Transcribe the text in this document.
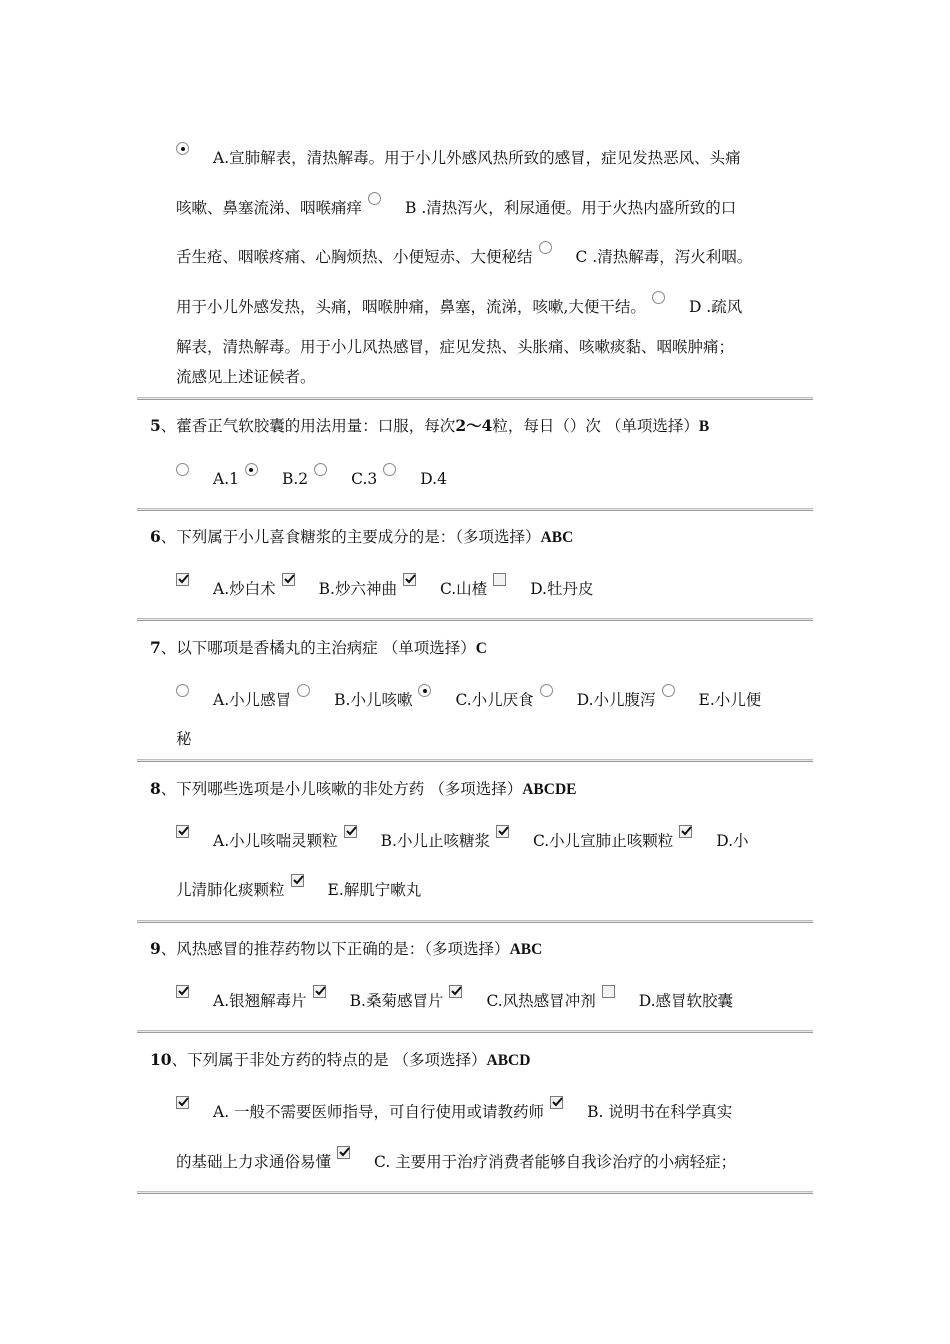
A.宣肺解表，清热解毒。用于小儿外感风热所致的感冒，症见发热恶风、头痛
咳嗽、鼻塞流涕、咽喉痛痒	B .清热泻火，利尿通便。用于火热内盛所致的口
舌生疮、咽喉疼痛、心胸烦热、小便短赤、大便秘结	C .清热解毒，泻火利咽。
用于小儿外感发热，头痛，咽喉肿痛，鼻塞，流涕，咳嗽,大便干结。	D .疏风
解表，清热解毒。用于小儿风热感冒，症见发热、头胀痛、咳嗽痰黏、咽喉肿痛；
流感见上述证候者。
5、藿香正气软胶囊的用法用量：口服，每次2～4粒，每日（）次 （单项选择）B
A.1	B.2	C.3	D.4
6、下列属于小儿喜食糖浆的主要成分的是：（多项选择）ABC
A.炒白术	B.炒六神曲	C.山楂	D.牡丹皮
7、以下哪项是香橘丸的主治病症 （单项选择）C
A.小儿感冒	B.小儿咳嗽	C.小儿厌食	D.小儿腹泻	E.小儿便
秘
8、下列哪些选项是小儿咳嗽的非处方药 （多项选择）ABCDE
A.小儿咳喘灵颗粒	B.小儿止咳糖浆	C.小儿宣肺止咳颗粒	D.小
儿清肺化痰颗粒	E.解肌宁嗽丸
9、风热感冒的推荐药物以下正确的是：（多项选择）ABC
A.银翘解毒片	B.桑菊感冒片	C.风热感冒冲剂	D.感冒软胶囊
10、下列属于非处方药的特点的是 （多项选择）ABCD
A. 一般不需要医师指导，可自行使用或请教药师	B. 说明书在科学真实
的基础上力求通俗易懂	C. 主要用于治疗消费者能够自我诊治疗的小病轻症；
